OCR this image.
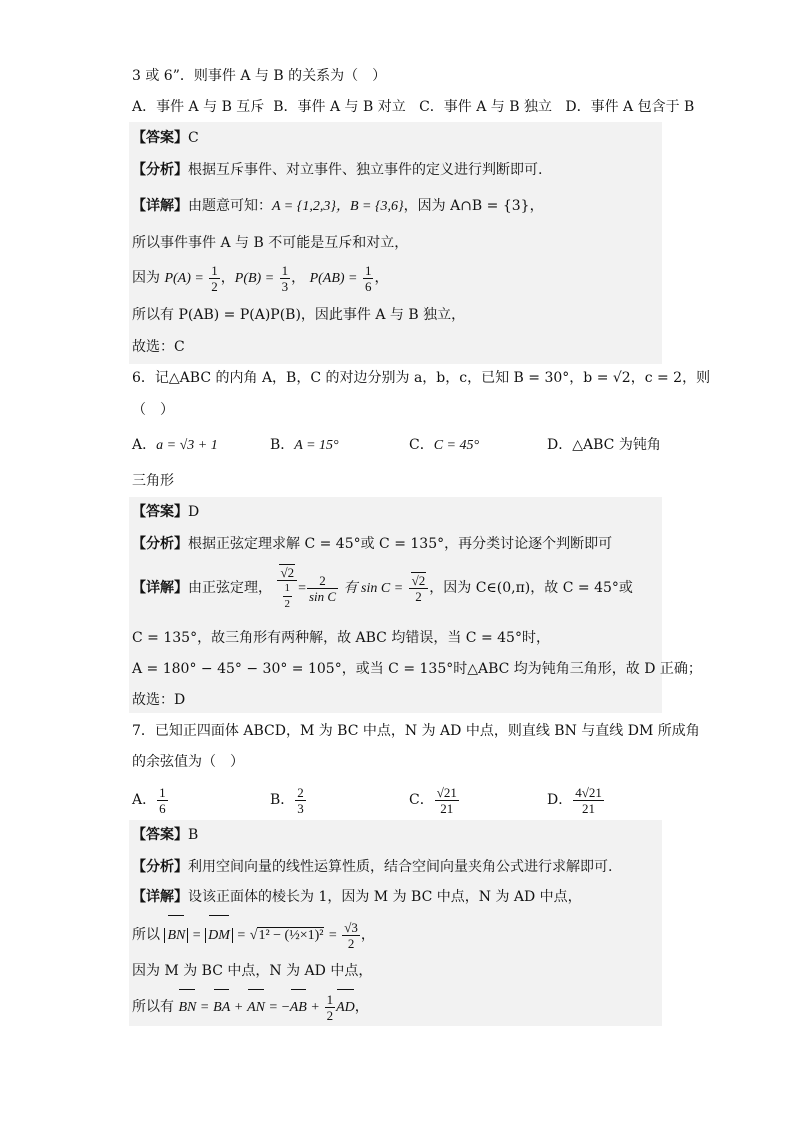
3 或 6”．则事件 A 与 B 的关系为（　）
A．事件 A 与 B 互斥 B．事件 A 与 B 对立 C．事件 A 与 B 独立 D．事件 A 包含于 B
【答案】C
【分析】根据互斥事件、对立事件、独立事件的定义进行判断即可.
【详解】由题意可知：A = {1,2,3}，B = {3,6}，因为 A∩B = {3}，
所以事件事件 A 与 B 不可能是互斥和对立，
因为 $P(A) = \frac{1}{2}$ ，$P(B) = \frac{1}{3}$ ， $P(AB) = \frac{1}{6}$ ，
所以有 P(AB) = P(A)P(B)，因此事件 A 与 B 独立，
故选：C
6．记△ABC 的内角 A，B，C 的对边分别为 a，b，c，已知 B = 30°，b = √2，c = 2，则
（　）
A．a = √3 + 1	B．A = 15°	C．C = 45°	D．△ABC 为钝角
三角形
【答案】D
【分析】根据正弦定理求解 C = 45°或 C = 135°，再分类讨论逐个判断即可
【详解】由正弦定理， $\frac{√2}{\frac{1}{2}} = \frac{2}{\text{sin C}}$ 有 $\sin C = \frac{√2}{2}$ ，因为 C∈(0,π)，故 C = 45°或
C = 135°，故三角形有两种解，故 ABC 均错误，当 C = 45°时，
A = 180° − 45° − 30° = 105°，或当 C = 135°时△ABC 均为钝角三角形，故 D 正确；
故选：D
7．已知正四面体 ABCD，M 为 BC 中点，N 为 AD 中点，则直线 BN 与直线 DM 所成角
的余弦值为（　）
A． $\frac{1}{6}$	B． $\frac{2}{3}$	C． $\frac{√21}{21}$	D． $\frac{4√21}{21}$
【答案】B
【分析】利用空间向量的线性运算性质，结合空间向量夹角公式进行求解即可.
【详解】设该正面体的棱长为 1，因为 M 为 BC 中点，N 为 AD 中点，
所以 BN = DM = √1² − (½×1)² = $\frac{√3}{2}$ ，
因为 M 为 BC 中点，N 为 AD 中点，
所以有 BN = BA + AN = $-AB + \frac{1}{2}$ AD，
